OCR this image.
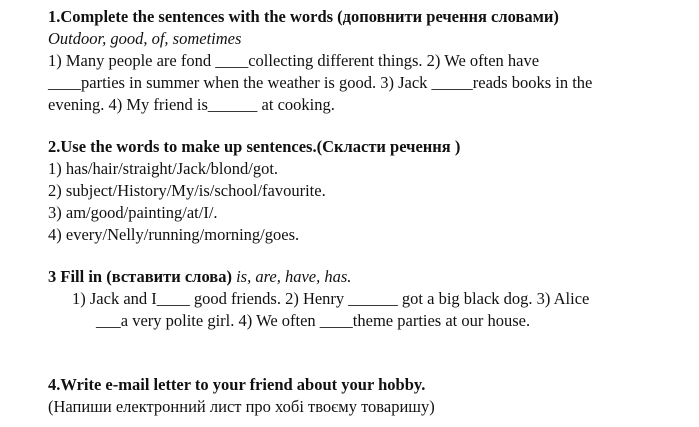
1.Complete the sentences with the words (доповнити речення словами)
Outdoor, good, of, sometimes
1) Many people are fond ____collecting different things. 2) We often have
____parties in summer when the weather is good. 3) Jack _____reads books in the
evening. 4) My friend is______ at cooking.
2.Use the words to make up sentences.(Скласти речення )
1) has/hair/straight/Jack/blond/got.
2) subject/History/My/is/school/favourite.
3) am/good/painting/at/I/.
4) every/Nelly/running/morning/goes.
3 Fill in (вставити слова) is, are, have, has.
1) Jack and I____ good friends. 2) Henry ______ got a big black dog. 3) Alice
___a very polite girl. 4) We often ____theme parties at our house.
4.Write e-mail letter to your friend about your hobby.
(Напиши електронний лист про хобі твоєму товаришу)
